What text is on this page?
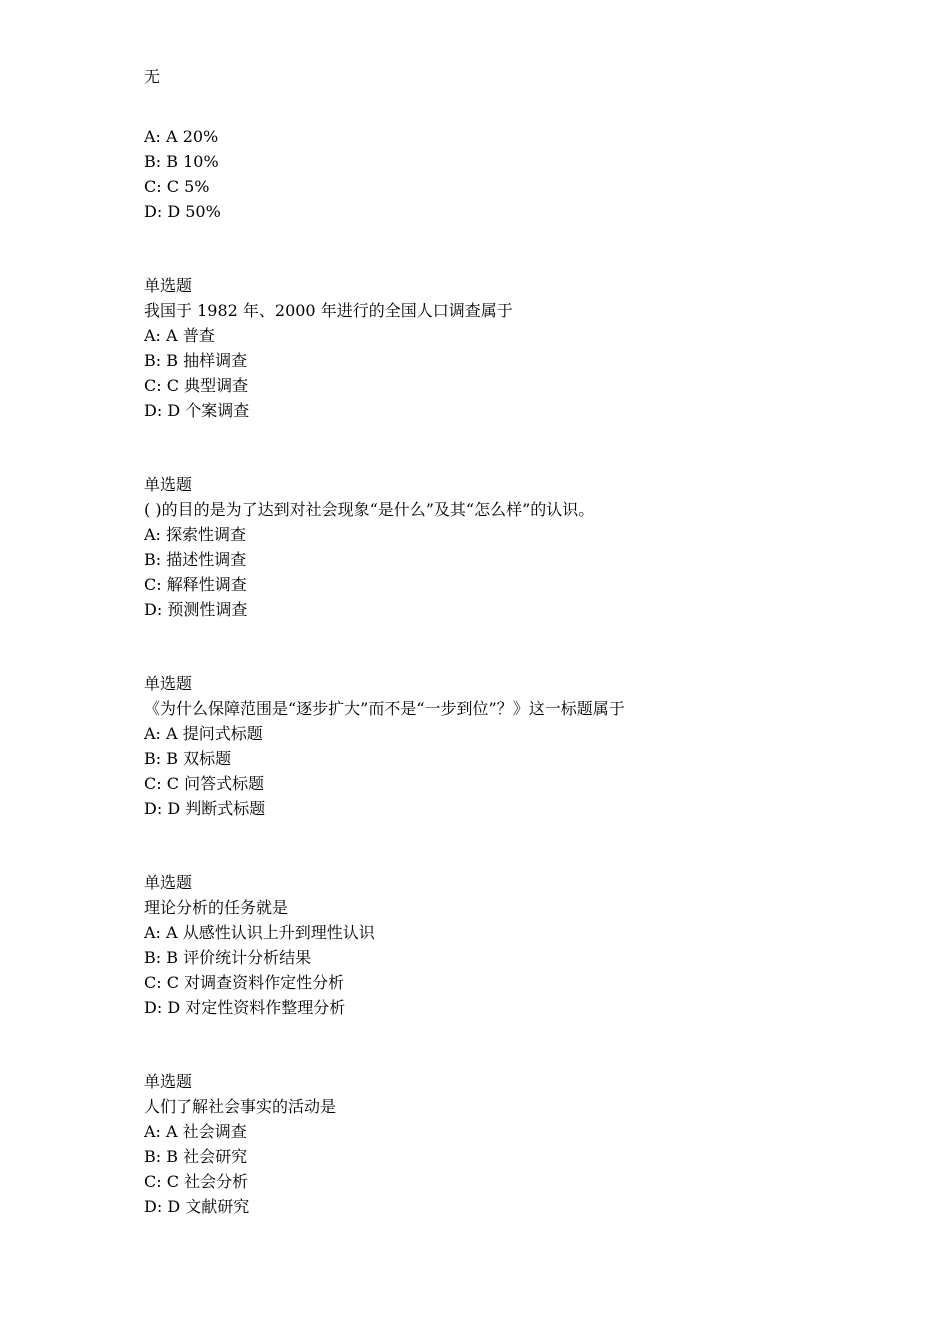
无
A: A 20%
B: B 10%
C: C 5%
D: D 50%
单选题
我国于 1982 年、2000 年进行的全国人口调查属于
A: A 普查
B: B 抽样调查
C: C 典型调查
D: D 个案调查
单选题
( )的目的是为了达到对社会现象“是什么”及其“怎么样”的认识。
A: 探索性调查
B: 描述性调查
C: 解释性调查
D: 预测性调查
单选题
《为什么保障范围是“逐步扩大”而不是“一步到位”？》这一标题属于
A: A 提问式标题
B: B 双标题
C: C 问答式标题
D: D 判断式标题
单选题
理论分析的任务就是
A: A 从感性认识上升到理性认识
B: B 评价统计分析结果
C: C 对调查资料作定性分析
D: D 对定性资料作整理分析
单选题
人们了解社会事实的活动是
A: A 社会调查
B: B 社会研究
C: C 社会分析
D: D 文献研究
